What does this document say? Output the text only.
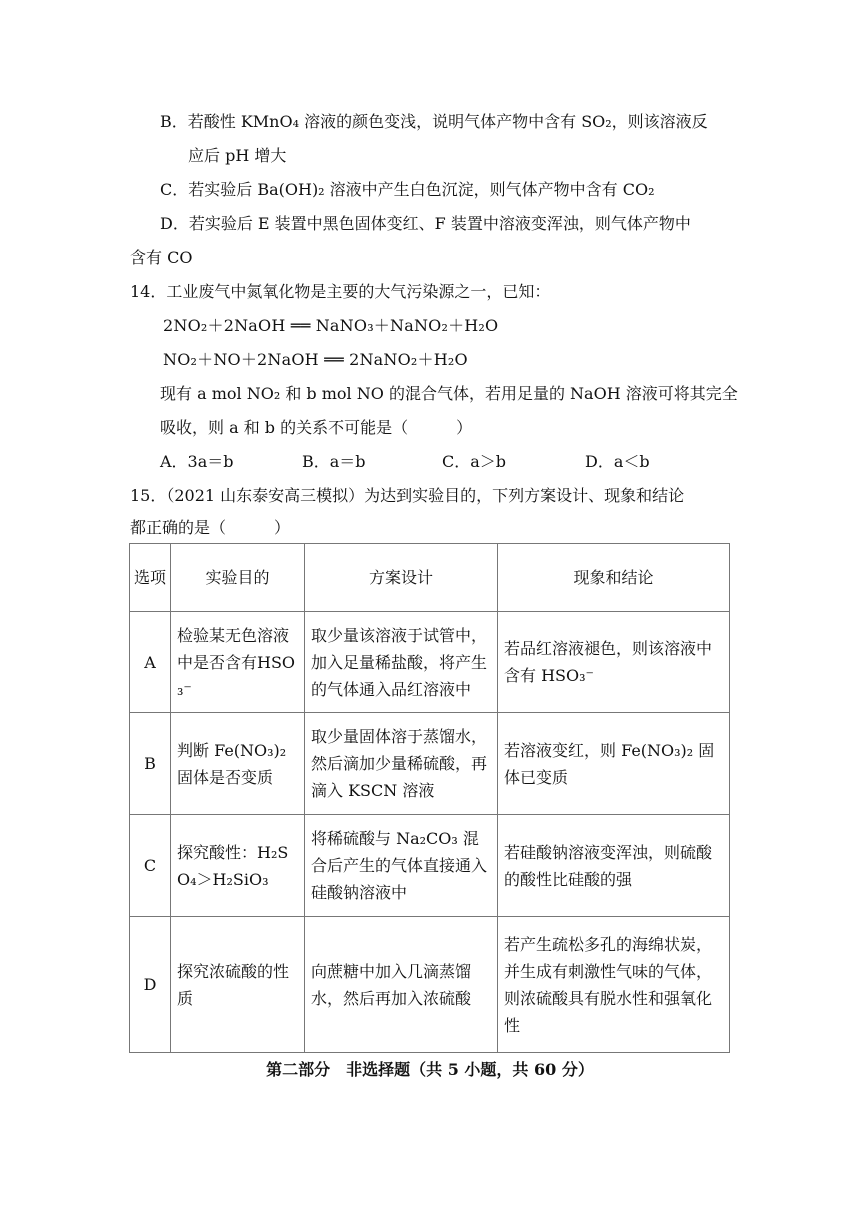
B．若酸性 KMnO₄ 溶液的颜色变浅，说明气体产物中含有 SO₂，则该溶液反
应后 pH 增大
C．若实验后 Ba(OH)₂ 溶液中产生白色沉淀，则气体产物中含有 CO₂
D．若实验后 E 装置中黑色固体变红、F 装置中溶液变浑浊，则气体产物中
含有 CO
14．工业废气中氮氧化物是主要的大气污染源之一，已知：
2NO₂＋2NaOH ══ NaNO₃＋NaNO₂＋H₂O
NO₂＋NO＋2NaOH ══ 2NaNO₂＋H₂O
现有 a mol NO₂ 和 b mol NO 的混合气体，若用足量的 NaOH 溶液可将其完全
吸收，则 a 和 b 的关系不可能是（　　　）
A．3a＝b	B．a＝b	C．a＞b	D．a＜b
15．（2021 山东泰安高三模拟）为达到实验目的，下列方案设计、现象和结论
都正确的是（　　　）
选项	实验目的	方案设计	现象和结论
A	检验某无色溶液中是否含有HSO₃⁻	取少量该溶液于试管中，加入足量稀盐酸，将产生的气体通入品红溶液中	若品红溶液褪色，则该溶液中含有 HSO₃⁻
B	判断 Fe(NO₃)₂ 固体是否变质	取少量固体溶于蒸馏水，然后滴加少量稀硫酸，再滴入 KSCN 溶液	若溶液变红，则 Fe(NO₃)₂ 固体已变质
C	探究酸性：H₂SO₄＞H₂SiO₃	将稀硫酸与 Na₂CO₃ 混合后产生的气体直接通入硅酸钠溶液中	若硅酸钠溶液变浑浊，则硫酸的酸性比硅酸的强
D	探究浓硫酸的性质	向蔗糖中加入几滴蒸馏水，然后再加入浓硫酸	若产生疏松多孔的海绵状炭，并生成有刺激性气味的气体，则浓硫酸具有脱水性和强氧化性
第二部分　非选择题（共 5 小题，共 60 分）
